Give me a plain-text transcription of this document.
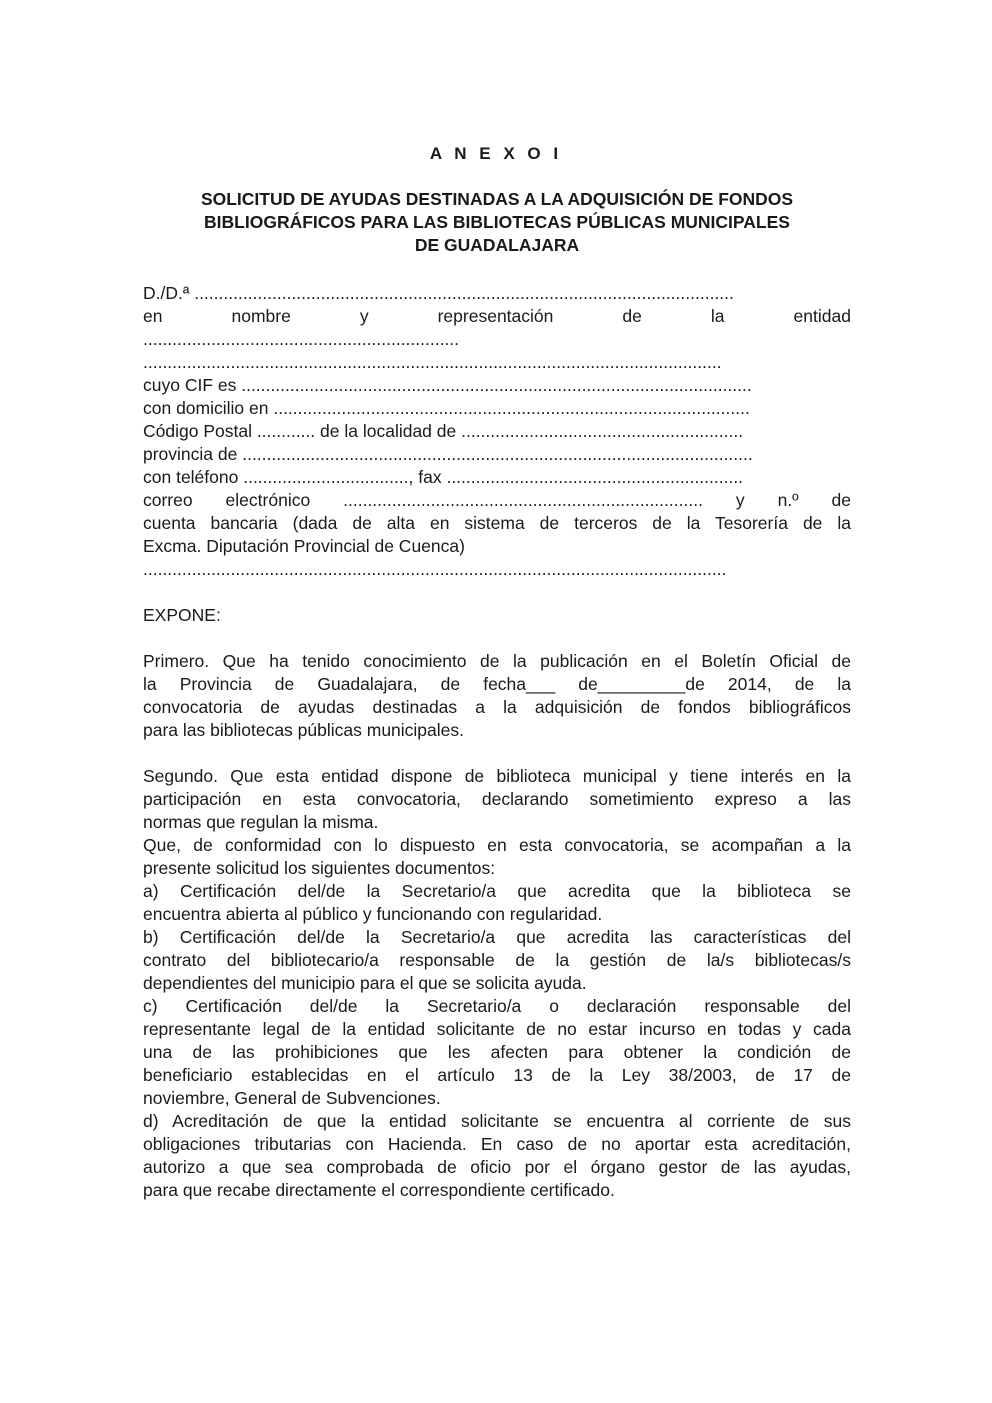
A N E X O I
SOLICITUD DE AYUDAS DESTINADAS A LA ADQUISICIÓN DE FONDOS
BIBLIOGRÁFICOS PARA LAS BIBLIOTECAS PÚBLICAS MUNICIPALES
DE GUADALAJARA
D./D.ª ...............................................................................................................
en	nombre	y	representación	de	la	entidad
.................................................................
.......................................................................................................................
cuyo CIF es .........................................................................................................
con domicilio en ..................................................................................................
Código Postal ............ de la localidad de ..........................................................
provincia de .........................................................................................................
con teléfono .................................., fax .............................................................
correo electrónico .......................................................................... y n.º de
cuenta bancaria (dada de alta en sistema de terceros de la Tesorería de la
Excma. Diputación Provincial de Cuenca)
........................................................................................................................
EXPONE:
Primero. Que ha tenido conocimiento de la publicación en el Boletín Oficial de
la Provincia de Guadalajara, de fecha___ de_________de 2014, de la
convocatoria de ayudas destinadas a la adquisición de fondos bibliográficos
para las bibliotecas públicas municipales.
Segundo. Que esta entidad dispone de biblioteca municipal y tiene interés en la
participación en esta convocatoria, declarando sometimiento expreso a las
normas que regulan la misma.
Que, de conformidad con lo dispuesto en esta convocatoria, se acompañan a la
presente solicitud los siguientes documentos:
a) Certificación del/de la Secretario/a que acredita que la biblioteca se
encuentra abierta al público y funcionando con regularidad.
b) Certificación del/de la Secretario/a que acredita las características del
contrato del bibliotecario/a responsable de la gestión de la/s bibliotecas/s
dependientes del municipio para el que se solicita ayuda.
c) Certificación del/de la Secretario/a o declaración responsable del
representante legal de la entidad solicitante de no estar incurso en todas y cada
una de las prohibiciones que les afecten para obtener la condición de
beneficiario establecidas en el artículo 13 de la Ley 38/2003, de 17 de
noviembre, General de Subvenciones.
d) Acreditación de que la entidad solicitante se encuentra al corriente de sus
obligaciones tributarias con Hacienda. En caso de no aportar esta acreditación,
autorizo a que sea comprobada de oficio por el órgano gestor de las ayudas,
para que recabe directamente el correspondiente certificado.
